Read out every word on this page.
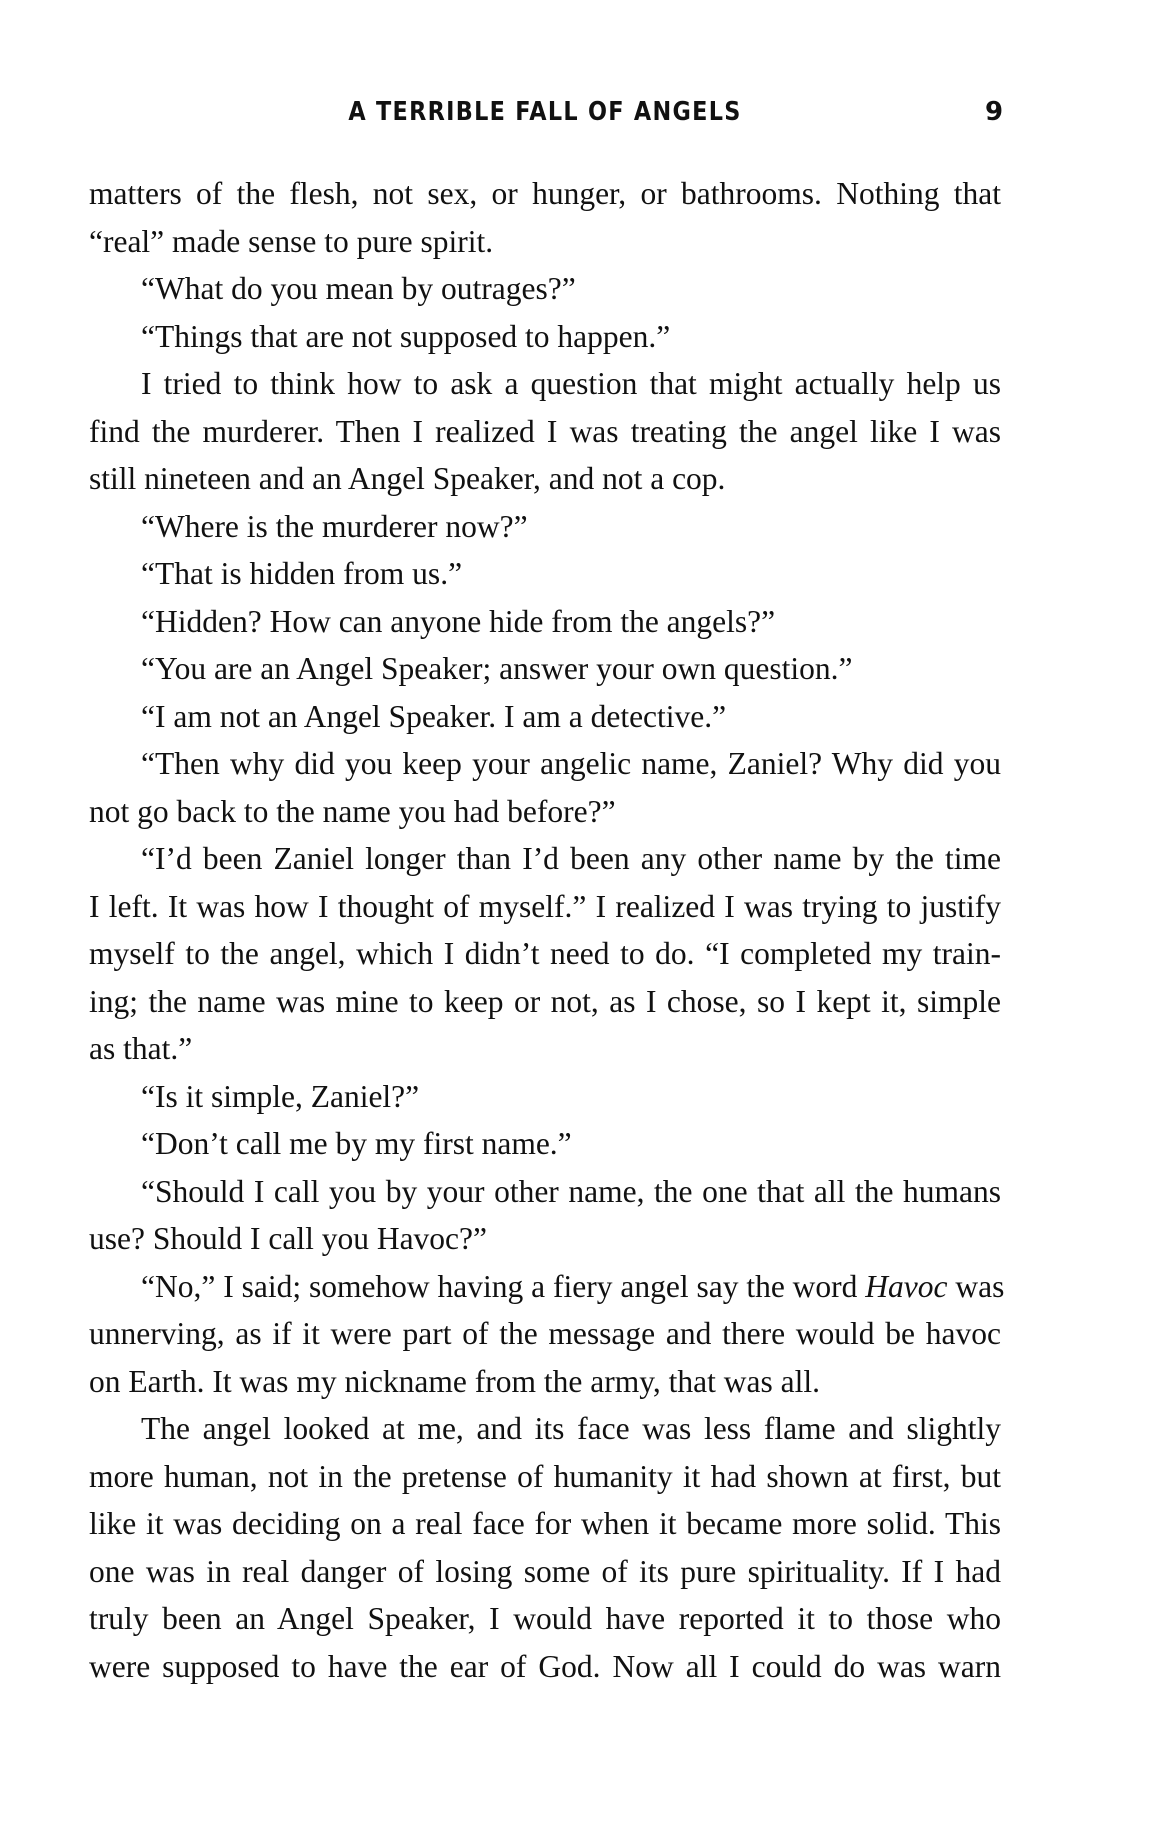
A TERRIBLE FALL OF ANGELS	9
matters of the flesh, not sex, or hunger, or bathrooms. Nothing that
“real” made sense to pure spirit.
“What do you mean by outrages?”
“Things that are not supposed to happen.”
I tried to think how to ask a question that might actually help us
find the murderer. Then I realized I was treating the angel like I was
still nineteen and an Angel Speaker, and not a cop.
“Where is the murderer now?”
“That is hidden from us.”
“Hidden? How can anyone hide from the angels?”
“You are an Angel Speaker; answer your own question.”
“I am not an Angel Speaker. I am a detective.”
“Then why did you keep your angelic name, Zaniel? Why did you
not go back to the name you had before?”
“I’d been Zaniel longer than I’d been any other name by the time
I left. It was how I thought of myself.” I realized I was trying to justify
myself to the angel, which I didn’t need to do. “I completed my train-
ing; the name was mine to keep or not, as I chose, so I kept it, simple
as that.”
“Is it simple, Zaniel?”
“Don’t call me by my first name.”
“Should I call you by your other name, the one that all the humans
use? Should I call you Havoc?”
“No,” I said; somehow having a fiery angel say the word Havoc was
unnerving, as if it were part of the message and there would be havoc
on Earth. It was my nickname from the army, that was all.
The angel looked at me, and its face was less flame and slightly
more human, not in the pretense of humanity it had shown at first, but
like it was deciding on a real face for when it became more solid. This
one was in real danger of losing some of its pure spirituality. If I had
truly been an Angel Speaker, I would have reported it to those who
were supposed to have the ear of God. Now all I could do was warn
